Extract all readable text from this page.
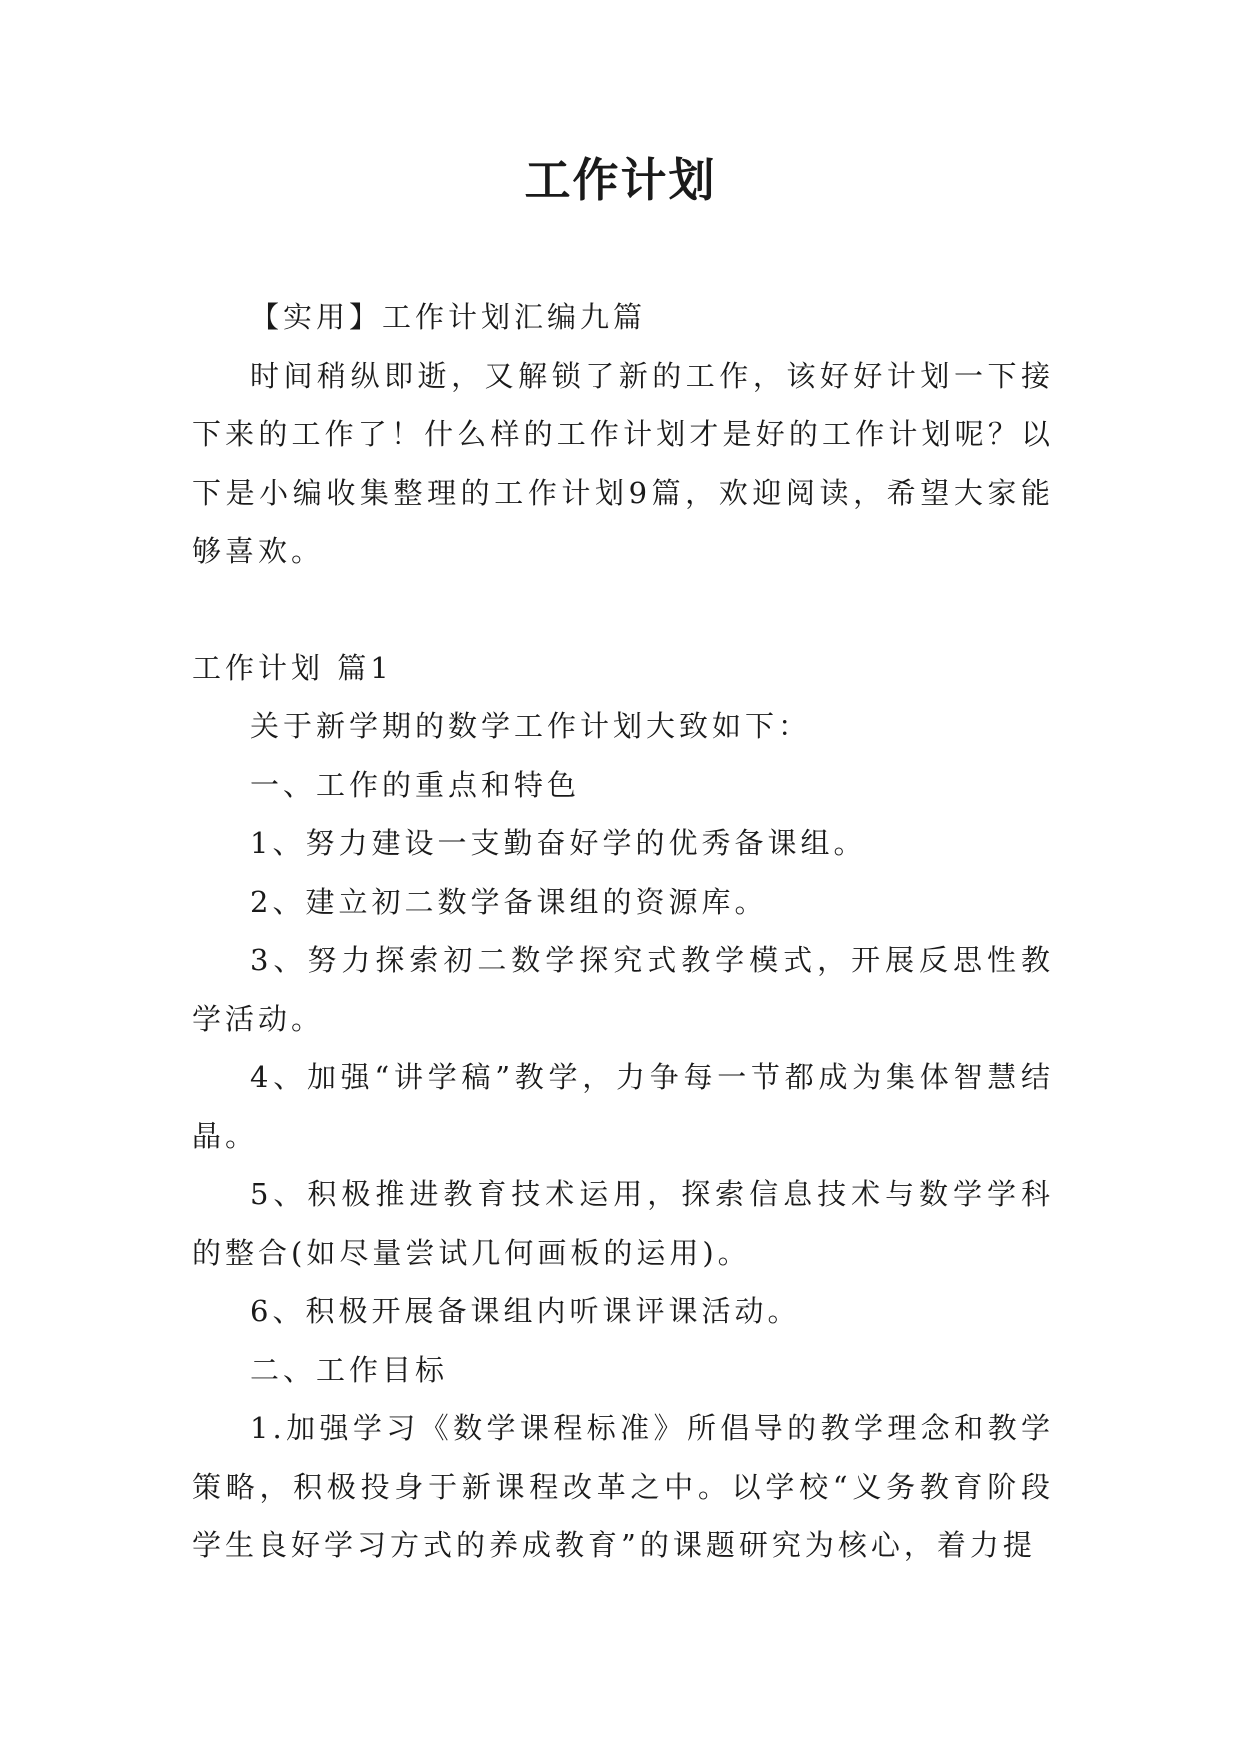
工作计划

【实用】工作计划汇编九篇

时间稍纵即逝，又解锁了新的工作，该好好计划一下接下来的工作了！什么样的工作计划才是好的工作计划呢？以下是小编收集整理的工作计划9篇，欢迎阅读，希望大家能够喜欢。

工作计划 篇1

关于新学期的数学工作计划大致如下：

一、工作的重点和特色

1、努力建设一支勤奋好学的优秀备课组。

2、建立初二数学备课组的资源库。

3、努力探索初二数学探究式教学模式，开展反思性教学活动。

4、加强“讲学稿”教学，力争每一节都成为集体智慧结晶。

5、积极推进教育技术运用，探索信息技术与数学学科的整合(如尽量尝试几何画板的运用)。

6、积极开展备课组内听课评课活动。

二、工作目标

1.加强学习《数学课程标准》所倡导的教学理念和教学策略，积极投身于新课程改革之中。以学校“义务教育阶段学生良好学习方式的养成教育”的课题研究为核心，着力提
